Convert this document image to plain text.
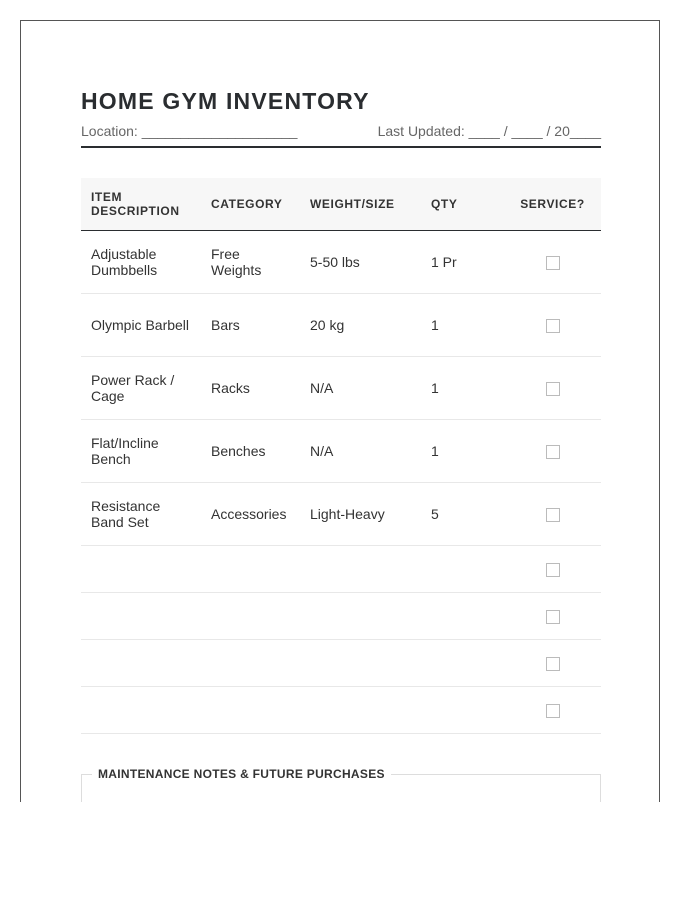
HOME GYM INVENTORY
Location: ____________________	Last Updated: ____ / ____ / 20____
ITEM DESCRIPTION	CATEGORY	WEIGHT/SIZE	QTY	SERVICE?
Adjustable Dumbbells	Free Weights	5-50 lbs	1 Pr	
Olympic Barbell	Bars	20 kg	1	
Power Rack / Cage	Racks	N/A	1	
Flat/Incline Bench	Benches	N/A	1	
Resistance Band Set	Accessories	Light-Heavy	5	

MAINTENANCE NOTES & FUTURE PURCHASES
